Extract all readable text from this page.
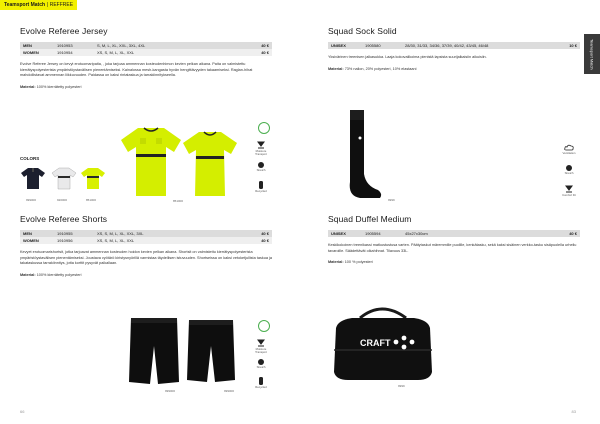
Teamsport Match | REFFREE
Teamsport Match
Evolve Referee Jersey
MEN	1910953	S, M, L, XL, XXL, 3XL, 4XL	40 €
WOMEN	1910954	XS, S, M, L, XL, XXL	40 €

Evolve Referee Jersey on kevyt erotuomaripaita, , joka tarjoaa ammennan kosteudenhimon kevien pelkan aikana. Paita on valmistettu kierrätyspolyesterista ympäristöystavälisen pienentämiseksi. Kainalossa mesh-kangasta hyvän hengittävyyden takaamiseksi. Raglan-hihat mahdollistavat ammennan liikkuvuuden. Paidassa on kaksi rintataskua ja tarrakiinnitykseella.

Material: 100% kierrätetty polyesteri

COLORS
999000	920000	851000	851000
Moisture Transport
Stretch
Recycled
Squad Sock Solid
UNISEX	1905580	28/30, 31/33, 34/36, 37/39, 40/42, 43/45, 46/48	10 €

Yksivärinen treenisen jalkasukka. Laaja kokovalikoima pienistä lapsista suurijalkaisiin aikuisiin.

Material: 73% nailon, 20% polyesteri, 10% elastaani

9999
Ventilation
Stretch
Comfort Fit
Evolve Referee Shorts
MEN	1910955	XS, S, M, L, XL, XXL, 3XL	40 €
WOMEN	1910956	XS, S, M, L, XL, XXL	40 €

Kevyet erotuomarishortsit, jotka tarjoavat ammennan kosteuden hoidon kevien pelkan aikana. Shortsit on valmistettu kierrätyspolyesterista ympäristöystavälisen pienentämiseksi. Joustava vyötärö kiristysnyörillä varmistaa täydellisen istuvuuden. Shortseissa on kaksi vetoketjullista taskua ja takataskussa tarrakiinnitys, jotta korttit pysyvät paikallaan.

Material: 100% kierrätetty polyesteri

999000	999000
Moisture Transport
Stretch
Recycled
Squad Duffel Medium
UNISEX	1905594	45x27x30cm	40 €

Keskikokoinen treenikassi matkustustusa varten. Päätytaskut märemmille puolille, kenkätasku, sekä kaksi sisäinen verkko-tasku sisäpuolella urheilu tavaroille. Säädettävät olkahihnat. Tilavuus 33L.

Material: 100 % polyesteri

CRAFT
9999
66	83
